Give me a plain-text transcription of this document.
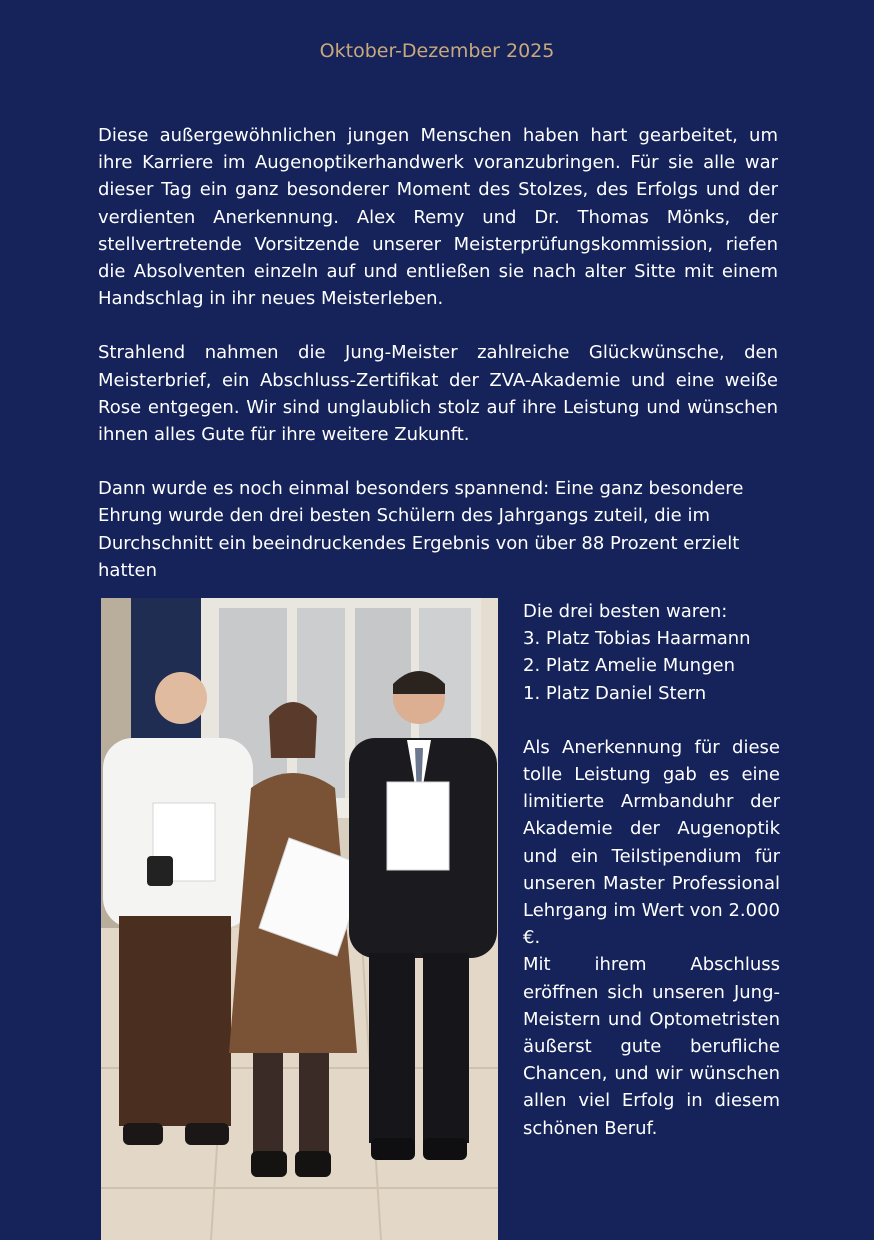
Oktober-Dezember 2025

Diese außergewöhnlichen jungen Menschen haben hart gearbeitet, um ihre Karriere im Augenoptikerhandwerk voranzubringen. Für sie alle war dieser Tag ein ganz besonderer Moment des Stolzes, des Erfolgs und der verdienten Anerkennung. Alex Remy und Dr. Thomas Mönks, der stellvertretende Vorsitzende unserer Meisterprüfungskommission, riefen die Absolventen einzeln auf und entließen sie nach alter Sitte mit einem Handschlag in ihr neues Meisterleben.

Strahlend nahmen die Jung-Meister zahlreiche Glückwünsche, den Meisterbrief, ein Abschluss-Zertifikat der ZVA-Akademie und eine weiße Rose entgegen. Wir sind unglaublich stolz auf ihre Leistung und wünschen ihnen alles Gute für ihre weitere Zukunft.

Dann wurde es noch einmal besonders spannend: Eine ganz besondere Ehrung wurde den drei besten Schülern des Jahrgangs zuteil, die im Durchschnitt ein beeindruckendes Ergebnis von über 88 Prozent erzielt hatten

Die drei besten waren:
3. Platz Tobias Haarmann
2. Platz Amelie Mungen
1. Platz Daniel Stern
Als Anerkennung für diese tolle Leistung gab es eine limitierte Armbanduhr der Akademie der Augenoptik und ein Teilstipendium für unseren Master Professional Lehrgang im Wert von 2.000 €.
Mit ihrem Abschluss eröffnen sich unseren Jung-Meistern und Optometristen äußerst gute berufliche Chancen, und wir wünschen allen viel Erfolg in diesem schönen Beruf.
